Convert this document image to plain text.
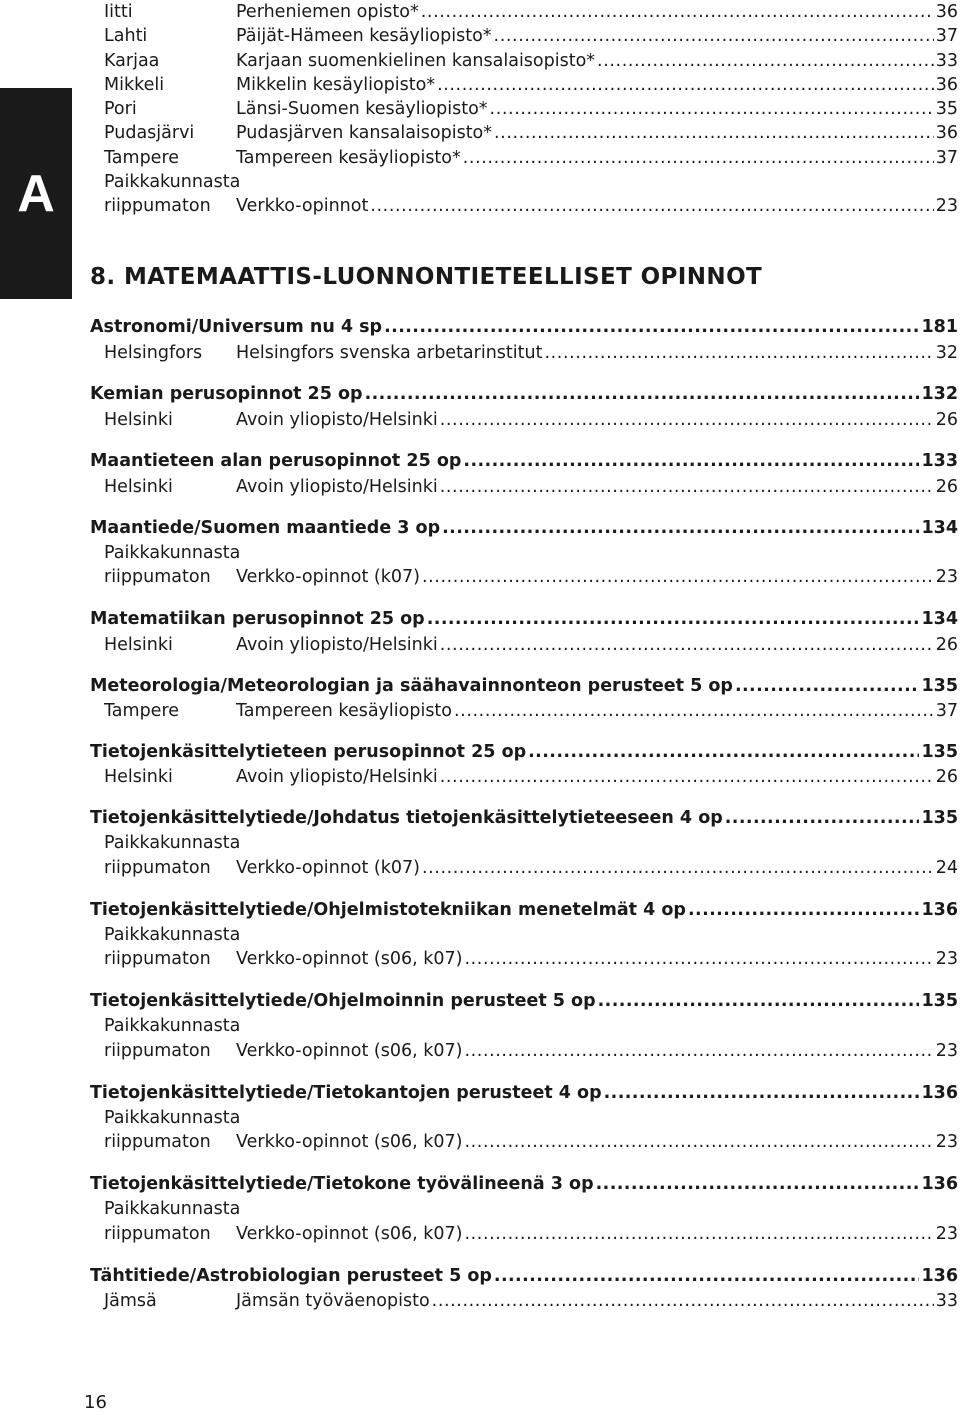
A
Iitti	Perheniemen opisto* .....	36
Lahti	Päijät-Hämeen kesäyliopisto* .....	37
Karjaa	Karjaan suomenkielinen kansalaisopisto* .....	33
Mikkeli	Mikkelin kesäyliopisto* .....	36
Pori	Länsi-Suomen kesäyliopisto* .....	35
Pudasjärvi	Pudasjärven kansalaisopisto* .....	36
Tampere	Tampereen kesäyliopisto* .....	37
Paikkakunnasta
riippumaton	Verkko-opinnot .....	23
8. MATEMAATTIS-LUONNONTIETEELLISET OPINNOT
Astronomi/Universum nu 4 sp .....	181
Helsingfors	Helsingfors svenska arbetarinstitut .....	32
Kemian perusopinnot 25 op .....	132
Helsinki	Avoin yliopisto/Helsinki .....	26
Maantieteen alan perusopinnot 25 op .....	133
Helsinki	Avoin yliopisto/Helsinki .....	26
Maantiede/Suomen maantiede 3 op .....	134
Paikkakunnasta
riippumaton	Verkko-opinnot (k07) .....	23
Matematiikan perusopinnot 25 op .....	134
Helsinki	Avoin yliopisto/Helsinki .....	26
Meteorologia/Meteorologian ja säähavainnonteon perusteet 5 op .....	135
Tampere	Tampereen kesäyliopisto .....	37
Tietojenkäsittelytieteen perusopinnot 25 op .....	135
Helsinki	Avoin yliopisto/Helsinki .....	26
Tietojenkäsittelytiede/Johdatus tietojenkäsittelytieteeseen 4 op .....	135
Paikkakunnasta
riippumaton	Verkko-opinnot (k07) .....	24
Tietojenkäsittelytiede/Ohjelmistotekniikan menetelmät 4 op .....	136
Paikkakunnasta
riippumaton	Verkko-opinnot (s06, k07) .....	23
Tietojenkäsittelytiede/Ohjelmoinnin perusteet 5 op .....	135
Paikkakunnasta
riippumaton	Verkko-opinnot (s06, k07) .....	23
Tietojenkäsittelytiede/Tietokantojen perusteet 4 op .....	136
Paikkakunnasta
riippumaton	Verkko-opinnot (s06, k07) .....	23
Tietojenkäsittelytiede/Tietokone työvälineenä 3 op .....	136
Paikkakunnasta
riippumaton	Verkko-opinnot (s06, k07) .....	23
Tähtitiede/Astrobiologian perusteet 5 op .....	136
Jämsä	Jämsän työväenopisto .....	33
16
